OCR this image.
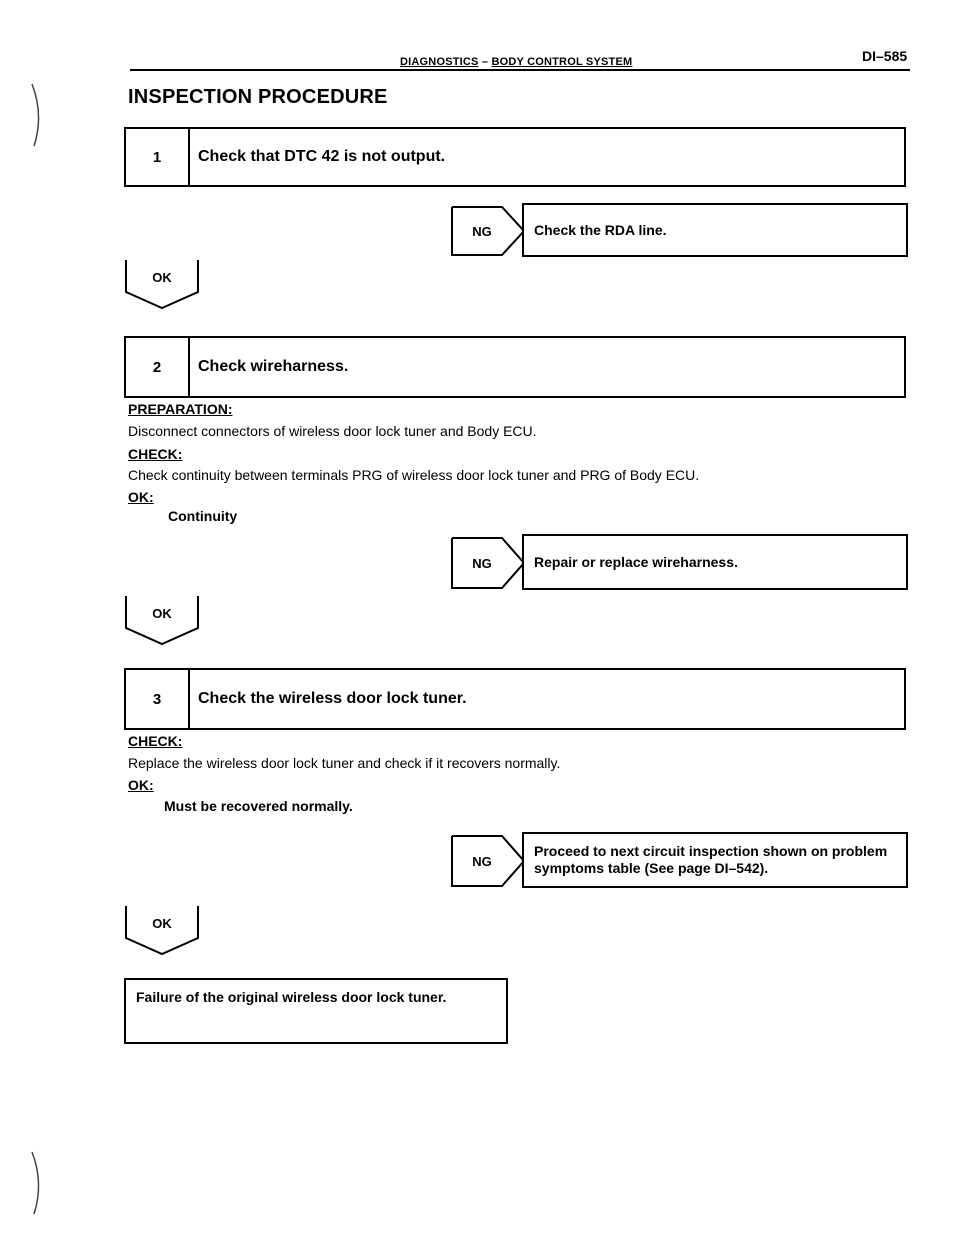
DIAGNOSTICS – BODY CONTROL SYSTEM	DI–585
INSPECTION PROCEDURE
1	Check that DTC 42 is not output.
NG	Check the RDA line.
OK
2	Check wireharness.
PREPARATION:
Disconnect connectors of wireless door lock tuner and Body ECU.
CHECK:
Check continuity between terminals PRG of wireless door lock tuner and PRG of Body ECU.
OK:
Continuity
NG	Repair or replace wireharness.
OK
3	Check the wireless door lock tuner.
CHECK:
Replace the wireless door lock tuner and check if it recovers normally.
OK:
Must be recovered normally.
NG
Proceed to next circuit inspection shown on problem symptoms table (See page DI–542).
OK
Failure of the original wireless door lock tuner.
